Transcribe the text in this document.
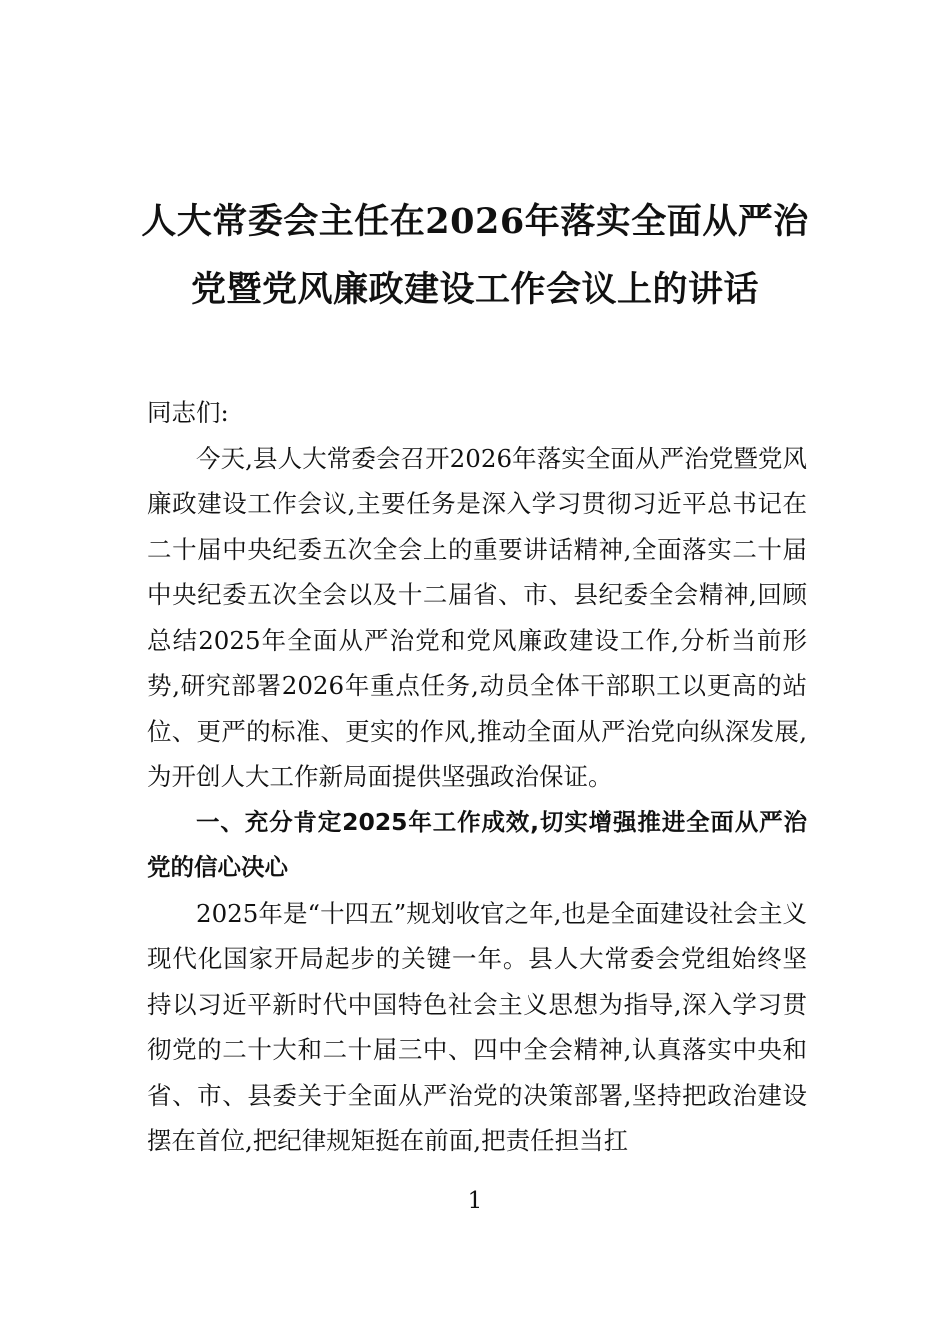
人大常委会主任在2026年落实全面从严治
党暨党风廉政建设工作会议上的讲话

同志们:

今天,县人大常委会召开2026年落实全面从严治党暨党风廉政建设工作会议,主要任务是深入学习贯彻习近平总书记在二十届中央纪委五次全会上的重要讲话精神,全面落实二十届中央纪委五次全会以及十二届省、市、县纪委全会精神,回顾总结2025年全面从严治党和党风廉政建设工作,分析当前形势,研究部署2026年重点任务,动员全体干部职工以更高的站位、更严的标准、更实的作风,推动全面从严治党向纵深发展,为开创人大工作新局面提供坚强政治保证。

一、充分肯定2025年工作成效,切实增强推进全面从严治党的信心决心

2025年是“十四五”规划收官之年,也是全面建设社会主义现代化国家开局起步的关键一年。县人大常委会党组始终坚持以习近平新时代中国特色社会主义思想为指导,深入学习贯彻党的二十大和二十届三中、四中全会精神,认真落实中央和省、市、县委关于全面从严治党的决策部署,坚持把政治建设摆在首位,把纪律规矩挺在前面,把责任担当扛

1
